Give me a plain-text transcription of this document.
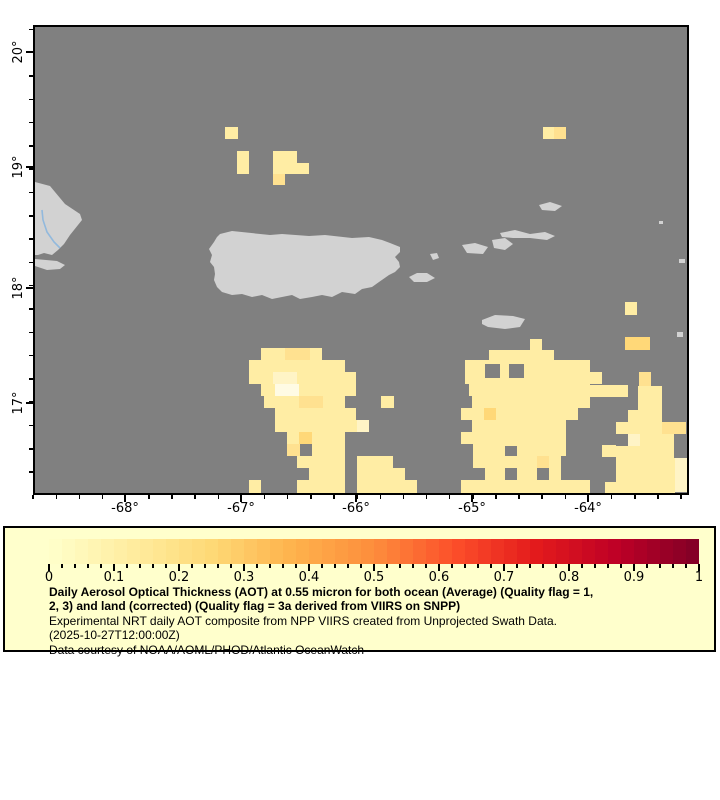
-68°	-67°	-66°	-65°	-64°
20°
19°
18°
17°
0	0.1	0.2	0.3	0.4	0.5	0.6	0.7	0.8	0.9	1
Daily Aerosol Optical Thickness (AOT) at 0.55 micron for both ocean (Average) (Quality flag = 1,
2, 3) and land (corrected) (Quality flag = 3a derived from VIIRS on SNPP)
Experimental NRT daily AOT composite from NPP VIIRS created from Unprojected Swath Data.
(2025-10-27T12:00:00Z)
Data courtesy of NOAA/AOML/PHOD/Atlantic OceanWatch
